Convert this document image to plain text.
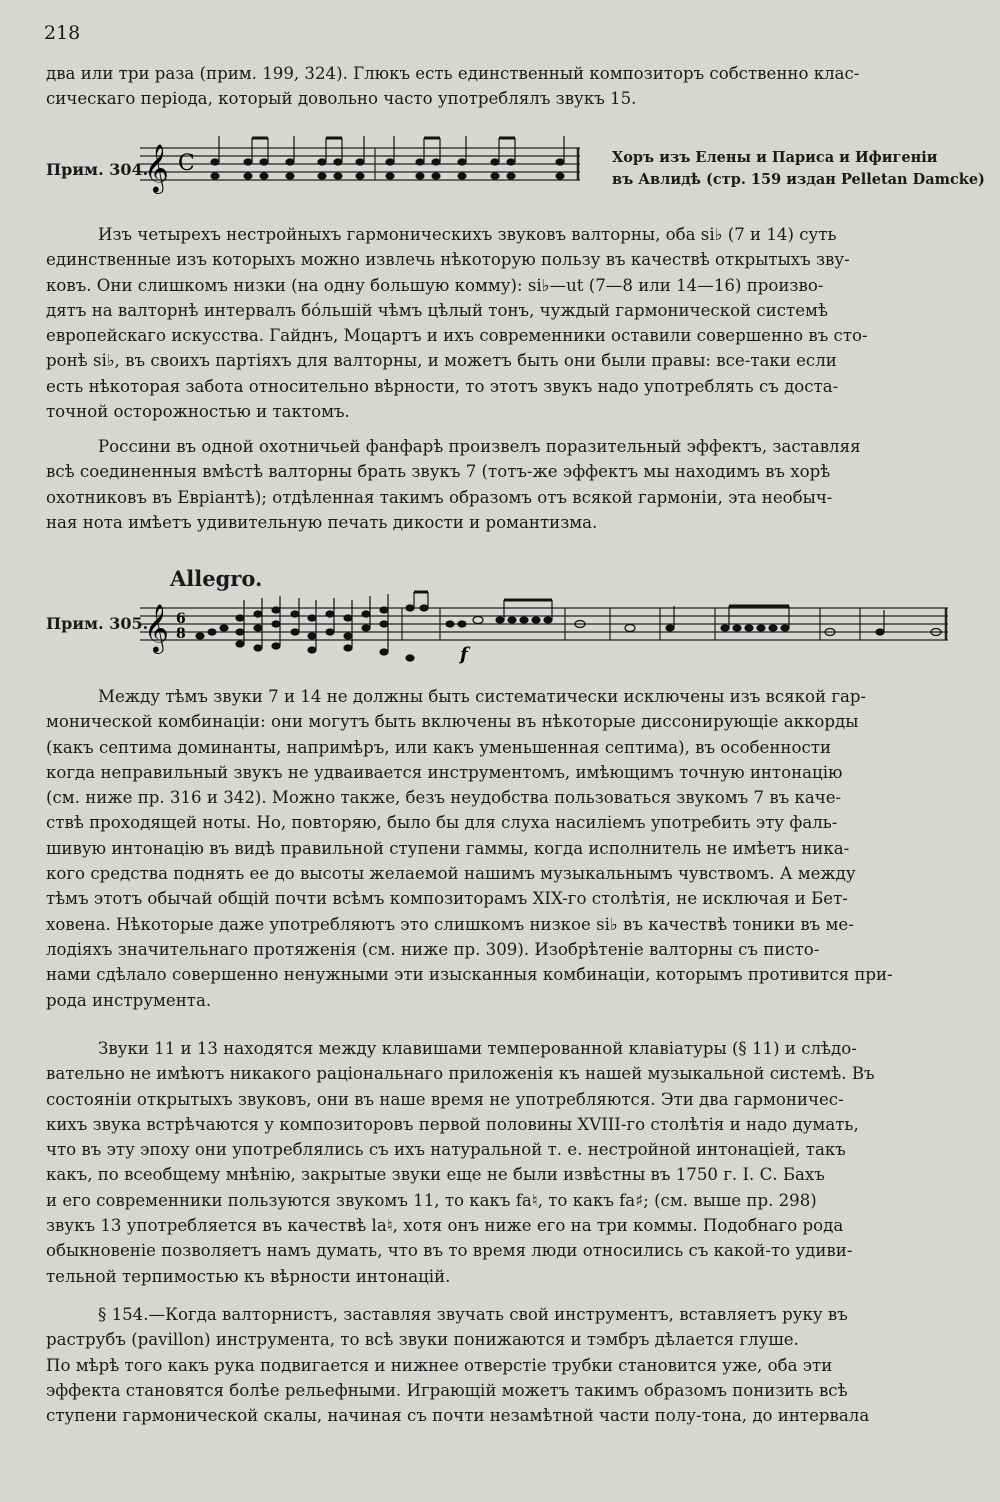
218
два или три раза (прим. 199, 324). Глюкъ есть единственный композиторъ собственно клас-
сическаго періода, который довольно часто употреблялъ звукъ 15.
Прим. 304.
𝄞 C	Хоръ изъ Елены и Париса и Ифигеніи
въ Авлидѣ (стр. 159 издан Pelletan Damcke)
Изъ четырехъ нестройныхъ гармоническихъ звуковъ валторны, оба si♭ (7 и 14) суть
единственные изъ которыхъ можно извлечь нѣкоторую пользу въ качествѣ открытыхъ зву-
ковъ. Они слишкомъ низки (на одну большую комму): si♭—ut (7—8 или 14—16) произво-
дятъ на валторнѣ интервалъ бо́льшій чѣмъ цѣлый тонъ, чуждый гармонической системѣ
европейскаго искусства. Гайднъ, Моцартъ и ихъ современники оставили совершенно въ сто-
ронѣ si♭, въ своихъ партіяхъ для валторны, и можетъ быть они были правы: все-таки если
есть нѣкоторая забота относительно вѣрности, то этотъ звукъ надо употреблять съ доста-
точной осторожностью и тактомъ.
Россини въ одной охотничьей фанфарѣ произвелъ поразительный эффектъ, заставляя
всѣ соединенныя вмѣстѣ валторны брать звукъ 7 (тотъ-же эффектъ мы находимъ въ хорѣ
охотниковъ въ Евріантѣ); отдѣленная такимъ образомъ отъ всякой гармоніи, эта необыч-
ная нота имѣетъ удивительную печать дикости и романтизма.
Allegro.
Прим. 305.
𝄞 6
8
f
Между тѣмъ звуки 7 и 14 не должны быть систематически исключены изъ всякой гар-
монической комбинаціи: они могутъ быть включены въ нѣкоторые диссонирующіе аккорды
(какъ септима доминанты, напримѣръ, или какъ уменьшенная септима), въ особенности
когда неправильный звукъ не удваивается инструментомъ, имѣющимъ точную интонацію
(см. ниже пр. 316 и 342). Можно также, безъ неудобства пользоваться звукомъ 7 въ каче-
ствѣ проходящей ноты. Но, повторяю, было бы для слуха насиліемъ употребить эту фаль-
шивую интонацію въ видѣ правильной ступени гаммы, когда исполнитель не имѣетъ ника-
кого средства поднять ее до высоты желаемой нашимъ музыкальнымъ чувствомъ. А между
тѣмъ этотъ обычай общій почти всѣмъ композиторамъ XIX-го столѣтія, не исключая и Бет-
ховена. Нѣкоторые даже употребляютъ это слишкомъ низкое si♭ въ качествѣ тоники въ ме-
лодіяхъ значительнаго протяженія (см. ниже пр. 309). Изобрѣтеніе валторны съ писто-
нами сдѣлало совершенно ненужными эти изысканныя комбинаціи, которымъ противится при-
рода инструмента.
Звуки 11 и 13 находятся между клавишами темперованной клавіатуры (§ 11) и слѣдо-
вательно не имѣютъ никакого раціональнаго приложенія къ нашей музыкальной системѣ. Въ
состояніи открытыхъ звуковъ, они въ наше время не употребляются. Эти два гармоничес-
кихъ звука встрѣчаются у композиторовъ первой половины XVIII-го столѣтія и надо думать,
что въ эту эпоху они употреблялись съ ихъ натуральной т. е. нестройной интонаціей, такъ
какъ, по всеобщему мнѣнію, закрытые звуки еще не были извѣстны въ 1750 г. І. С. Бахъ
и его современники пользуются звукомъ 11, то какъ fa♮, то какъ fa♯; (см. выше пр. 298)
звукъ 13 употребляется въ качествѣ la♮, хотя онъ ниже его на три коммы. Подобнаго рода
обыкновеніе позволяетъ намъ думать, что въ то время люди относились съ какой-то удиви-
тельной терпимостью къ вѣрности интонацій.
§ 154.—Когда валторнистъ, заставляя звучать свой инструментъ, вставляетъ руку въ
раструбъ (pavillon) инструмента, то всѣ звуки понижаются и тэмбръ дѣлается глуше.
По мѣрѣ того какъ рука подвигается и нижнее отверстіе трубки становится уже, оба эти
эффекта становятся болѣе рельефными. Играющій можетъ такимъ образомъ понизить всѣ
ступени гармонической скалы, начиная съ почти незамѣтной части полу-тона, до интервала
